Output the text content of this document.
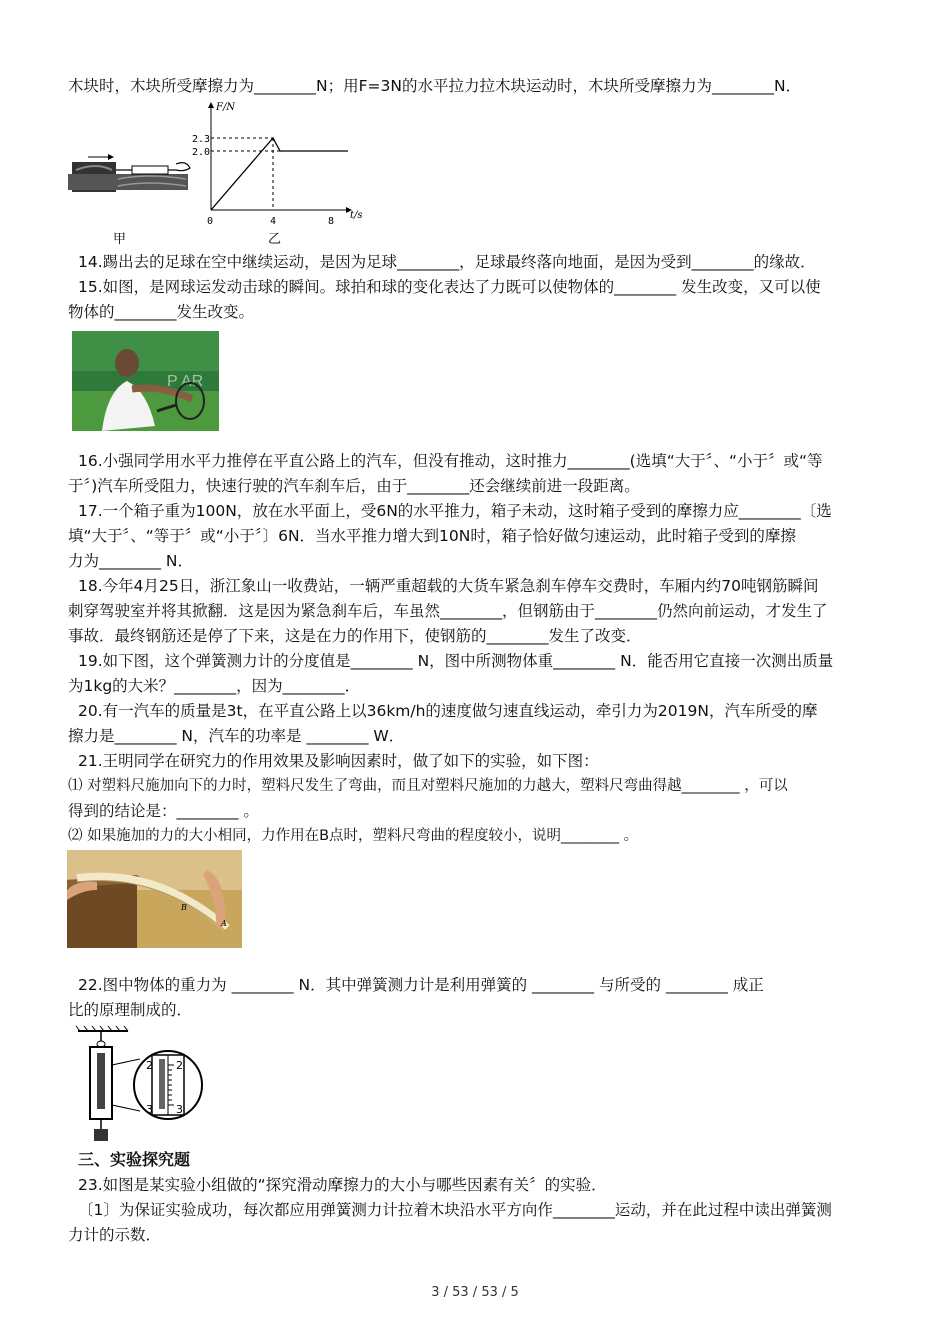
木块时，木块所受摩擦力为________N；用F=3N的水平拉力拉木块运动时，木块所受摩擦力为________N．
甲
F/N
t/s
2.3
2.0
0	4	8
乙
14.踢出去的足球在空中继续运动，是因为足球________，足球最终落向地面，是因为受到________的缘故．
15.如图，是网球运发动击球的瞬间。球拍和球的变化表达了力既可以使物体的________ 发生改变，又可以使
物体的________发生改变。
P AR
16.小强同学用水平力推停在平直公路上的汽车，但没有推动，这时推力________(选填“大于〞、“小于〞或“等
于〞)汽车所受阻力，快速行驶的汽车刹车后，由于________还会继续前进一段距离。
17.一个箱子重为100N，放在水平面上，受6N的水平推力，箱子未动，这时箱子受到的摩擦力应________〔选
填“大于〞、“等于〞或“小于〞〕6N．当水平推力增大到10N时，箱子恰好做匀速运动，此时箱子受到的摩擦
力为________ N．
18.今年4月25日，浙江象山一收费站，一辆严重超载的大货车紧急刹车停车交费时，车厢内约70吨钢筋瞬间
刺穿驾驶室并将其掀翻．这是因为紧急刹车后，车虽然________，但钢筋由于________仍然向前运动，才发生了
事故．最终钢筋还是停了下来，这是在力的作用下，使钢筋的________发生了改变．
19.如下图，这个弹簧测力计的分度值是________ N，图中所测物体重________ N．能否用它直接一次测出质量
为1kg的大米？________，因为________．
20.有一汽车的质量是3t，在平直公路上以36km/h的速度做匀速直线运动，牵引力为2019N，汽车所受的摩
擦力是________ N，汽车的功率是 ________ W．
21.王明同学在研究力的作用效果及影响因素时，做了如下的实验，如下图：
⑴ 对塑料尺施加向下的力时，塑料尺发生了弯曲，而且对塑料尺施加的力越大，塑料尺弯曲得越________ ，可以
得到的结论是：________ 。
⑵ 如果施加的力的大小相同，力作用在B点时，塑料尺弯曲的程度较小，说明________ 。
B
A
22.图中物体的重力为 ________ N．其中弹簧测力计是利用弹簧的 ________ 与所受的 ________ 成正
比的原理制成的．
2
3
2
3
三、实验探究题
23.如图是某实验小组做的“探究滑动摩擦力的大小与哪些因素有关〞的实验．
〔1〕为保证实验成功，每次都应用弹簧测力计拉着木块沿水平方向作________运动，并在此过程中读出弹簧测
力计的示数．
3 / 53 / 53 / 5
